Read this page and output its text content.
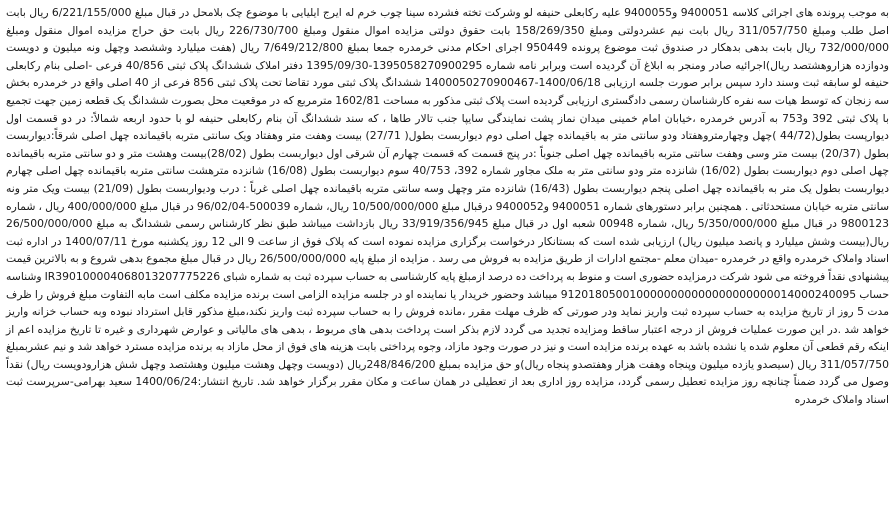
به موجب پرونده های اجرائی کلاسه 9400051 و9400055 علیه رکابعلی حنیفه لو وشرکت تخته فشرده سینا چوب خرم له ایرج ایلیایی با موضوع چک بلامحل در قبال مبلغ 6/221/155/000 ریال بابت اصل طلب ومبلغ 311/057/750 ریال بابت نیم عشردولتی ومبلغ 158/269/350 بابت حقوق دولتی مزایده اموال منقول ومبلغ 226/730/700 ریال بابت حق حراج مزایده اموال منقول ومبلغ 732/000/000 ریال بابت بدهی بدهکار در صندوق ثبت موضوع پرونده 950449 اجرای احکام مدنی خرمدره جمعا بمبلغ 7/649/212/800 ریال (هفت میلیارد وششصد وچهل ونه میلیون و دویست ودوازده هزاروهشتصد ریال)اجرائیه صادر ومنجر به ابلاغ آن گردیده است وبرابر نامه شماره 139505827090029‌5-1395/09/30 دفتر املاک ششدانگ پلاک ثبتی 40/856 فرعی -اصلی بنام رکابعلی حنیفه لو سابقه ثبت وسند دارد سپس برابر صورت جلسه ارزیابی 1400/06/18-140005027090046‌7 ششدانگ پلاک ثبتی مورد تقاضا تحت پلاک ثبتی 856 فرعی از 40 اصلی واقع در خرمدره بخش سه زنجان که توسط هیات سه نفره کارشناسان رسمی دادگستری ارزیابی گردیده است پلاک ثبتی مذکور به مساحت 1602/81 مترمربع که در موقعیت محل بصورت ششدانگ یک قطعه زمین جهت تجمیع با پلاک ثبتی 392 و753 به آدرس خرمدره ،خیابان امام خمینی میدان نماز پشت نمایندگی سایپا جنب تالار طاها ، که سند ششدانگ آن بنام رکابعلی حنیفه لو با حدود اربعه شمالاً: در دو قسمت اول دیوارپست بطول(44/72 )چهل وچهارمتروهفتاد ودو سانتی متر به باقیمانده چهل اصلی دوم دیواربست بطول( 27/71) بیست وهفت متر وهفتاد ویک سانتی متربه باقیمانده چهل اصلی شرقاً:دیواربست بطول (20/37) بیست متر وسی وهفت سانتی متربه باقیمانده چهل اصلی جنوباً :در پنج قسمت که قسمت چهارم آن شرقی اول دیواربست بطول (28/02)بیست وهشت متر و دو سانتی متربه باقیمانده چهل اصلی دوم دیواربست بطول (16/02) شانزده متر ودو سانتی متر به ملک مجاور شماره 392، 40/753 سوم دیواربست بطول (16/08) شانزده مترهشت سانتی متربه باقیمانده چهل اصلی چهارم دیواربست بطول یک متر به باقیمانده چهل اصلی پنجم دیواربست بطول (16/43) شانزده متر وچهل وسه سانتی متربه باقیمانده چهل اصلی غرباً : درب ودیواربست بطول (21/09) بیست ویک متر ونه سانتی متربه خیابان مستحدثاتی . همچنین برابر دستورهای شماره 9400051 و9400052 درقبال مبلغ 10/500/000/000 ریال، شماره 500039-96/02/04 در قبال مبلغ 400/000/000 ریال ، شماره 9800123 در قبال مبلغ 5/350/000/000 ریال، شماره 00948 شعبه اول در قبال مبلغ 33/919/356/945 ریال بازداشت میباشد طبق نظر کارشناس رسمی ششدانگ به مبلغ 26/500/000/000 ریال(بیست وشش میلیارد و پانصد میلیون ریال) ارزیابی شده است که بستانکار درخواست برگزاری مزایده نموده است که پلاک فوق از ساعت 9 الی 12 روز یکشنبه مورخ 1400/07/11 در اداره ثبت اسناد واملاک خرمدره واقع در خرمدره -میدان معلم -مجتمع ادارات از طریق مزایده به فروش می رسد . مزایده از مبلغ پایه 26/500/000/000 ریال در قبال مبلغ مجموع بدهی شروع و به بالاترین قیمت پیشنهادی نقداً فروخته می شود شرکت درمزایده حضوری است و منوط به پرداخت ده درصد ازمبلغ پایه کارشناسی به حساب سپرده ثبت به شماره شبای IR390100004068013207775226 وشناسه حساب 9120180500100000000000000000000014000240095 میباشد وحضور خریدار یا نماینده او در جلسه مزایده الزامی است برنده مزایده مکلف است مابه التفاوت مبلغ فروش را ظرف مدت 5 روز از تاریخ مزایده به حساب سپرده ثبت واریز نماید ودر صورتی که ظرف مهلت مقرر ،مانده فروش را به حساب سپرده ثبت واریز نکند،مبلغ مذکور قابل استرداد نبوده وبه حساب خزانه واریز خواهد شد .در این صورت عملیات فروش از درجه اعتبار ساقط ومزایده تجدید می گردد لازم بذکر است پرداخت بدهی های مربوط ، بدهی های مالیاتی و عوارض شهرداری و غیره تا تاریخ مزایده اعم از اینکه رقم قطعی آن معلوم شده یا نشده باشد به عهده برنده مزایده است و نیز در صورت وجود مازاد، وجوه پرداختی بابت هزینه های فوق از محل مازاد به برنده مزایده مسترد خواهد شد و نیم عشربمبلغ 311/057/750 ریال (سیصدو یازده میلیون وپنجاه وهفت هزار وهفتصدو پنجاه ریال)و حق مزایده بمبلغ 248/846/200ریال (دویست وچهل وهشت میلیون وهشتصد وچهل شش هزارودویست ریال) نقداً وصول می گردد ضمناً چنانچه روز مزایده تعطیل رسمی گردد، مزایده روز اداری بعد از تعطیلی در همان ساعت و مکان مقرر برگزار خواهد شد. تاریخ انتشار:1400/06/24 سعید بهرامی-سرپرست ثبت اسناد واملاک خرمدره
